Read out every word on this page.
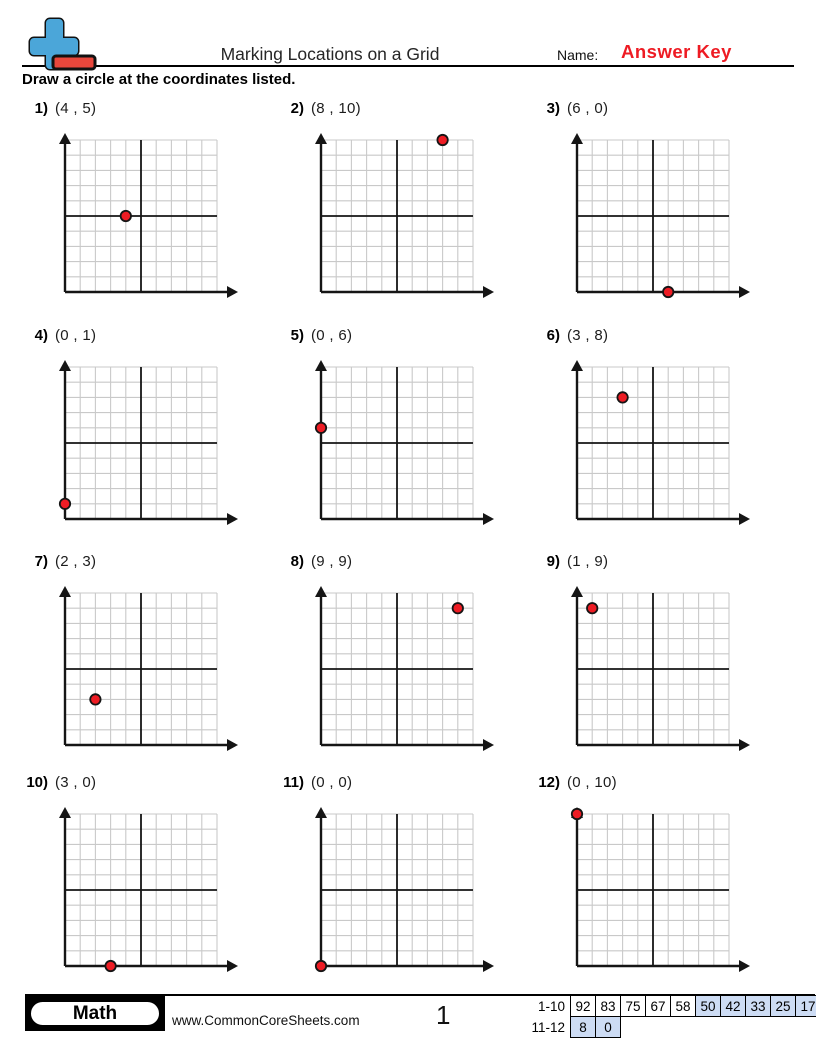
Marking Locations on a Grid	Name: Answer Key
Draw a circle at the coordinates listed.
1) (4 , 5)	2) (8 , 10)	3) (6 , 0)
4) (0 , 1)	5) (0 , 6)	6) (3 , 8)
7) (2 , 3)	8) (9 , 9)	9) (1 , 9)
10) (3 , 0)	11) (0 , 0)	12) (0 , 10)
Math	www.CommonCoreSheets.com	1	1-10	92	83	75	67	58	50	42	33	25	17
11-12	8	0								
